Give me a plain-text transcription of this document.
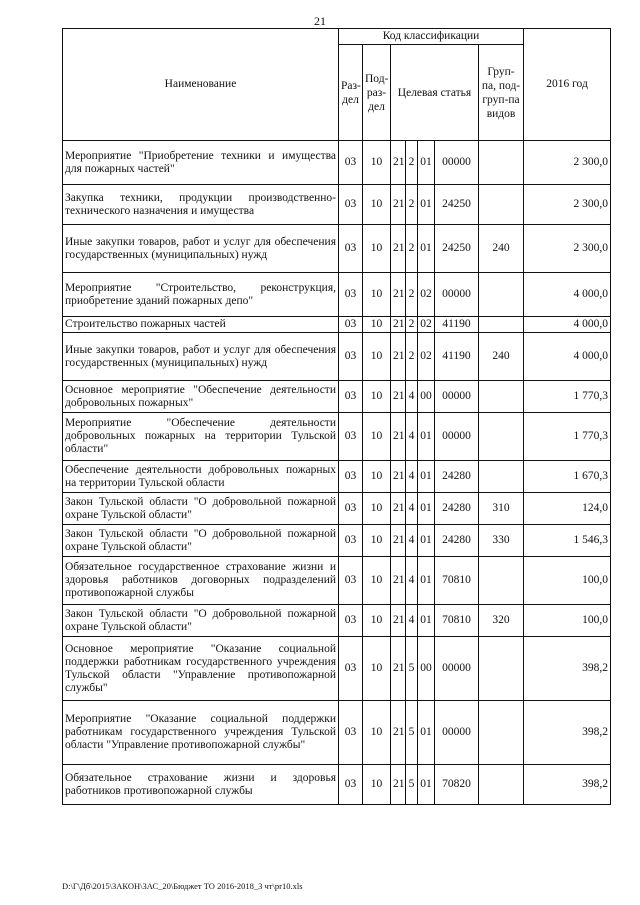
21
Наименование	Код классификации							2016 год
	Раз-дел	Под-раз-дел	Целевая статья				Груп-па, под-груп-па видов	
Мероприятие "Приобретение техники и имущества для пожарных частей"	03	10	21	2	01	00000		2 300,0
Закупка техники, продукции производственно-технического назначения и имущества	03	10	21	2	01	24250		2 300,0
Иные закупки товаров, работ и услуг для обеспечения государственных (муниципальных) нужд	03	10	21	2	01	24250	240	2 300,0
Мероприятие "Строительство, реконструкция, приобретение зданий пожарных депо"	03	10	21	2	02	00000		4 000,0
Строительство пожарных частей	03	10	21	2	02	41190		4 000,0
Иные закупки товаров, работ и услуг для обеспечения государственных (муниципальных) нужд	03	10	21	2	02	41190	240	4 000,0
Основное мероприятие "Обеспечение деятельности добровольных пожарных"	03	10	21	4	00	00000		1 770,3
Мероприятие "Обеспечение деятельности добровольных пожарных на территории Тульской области"	03	10	21	4	01	00000		1 770,3
Обеспечение деятельности добровольных пожарных на территории Тульской области	03	10	21	4	01	24280		1 670,3
Закон Тульской области "О добровольной пожарной охране Тульской области"	03	10	21	4	01	24280	310	124,0
Закон Тульской области "О добровольной пожарной охране Тульской области"	03	10	21	4	01	24280	330	1 546,3
Обязательное государственное страхование жизни и здоровья работников договорных подразделений противопожарной службы	03	10	21	4	01	70810		100,0
Закон Тульской области "О добровольной пожарной охране Тульской области"	03	10	21	4	01	70810	320	100,0
Основное мероприятие "Оказание социальной поддержки работникам государственного учреждения Тульской области "Управление противопожарной службы"	03	10	21	5	00	00000		398,2
Мероприятие "Оказание социальной поддержки работникам государственного учреждения Тульской области "Управление противопожарной службы"	03	10	21	5	01	00000		398,2
Обязательное страхование жизни и здоровья работников противопожарной службы	03	10	21	5	01	70820		398,2
D:\Г\Дб\2015\ЗАКОН\ЗАС_20\Бюджет ТО 2016-2018_3 чт\pr10.xls
